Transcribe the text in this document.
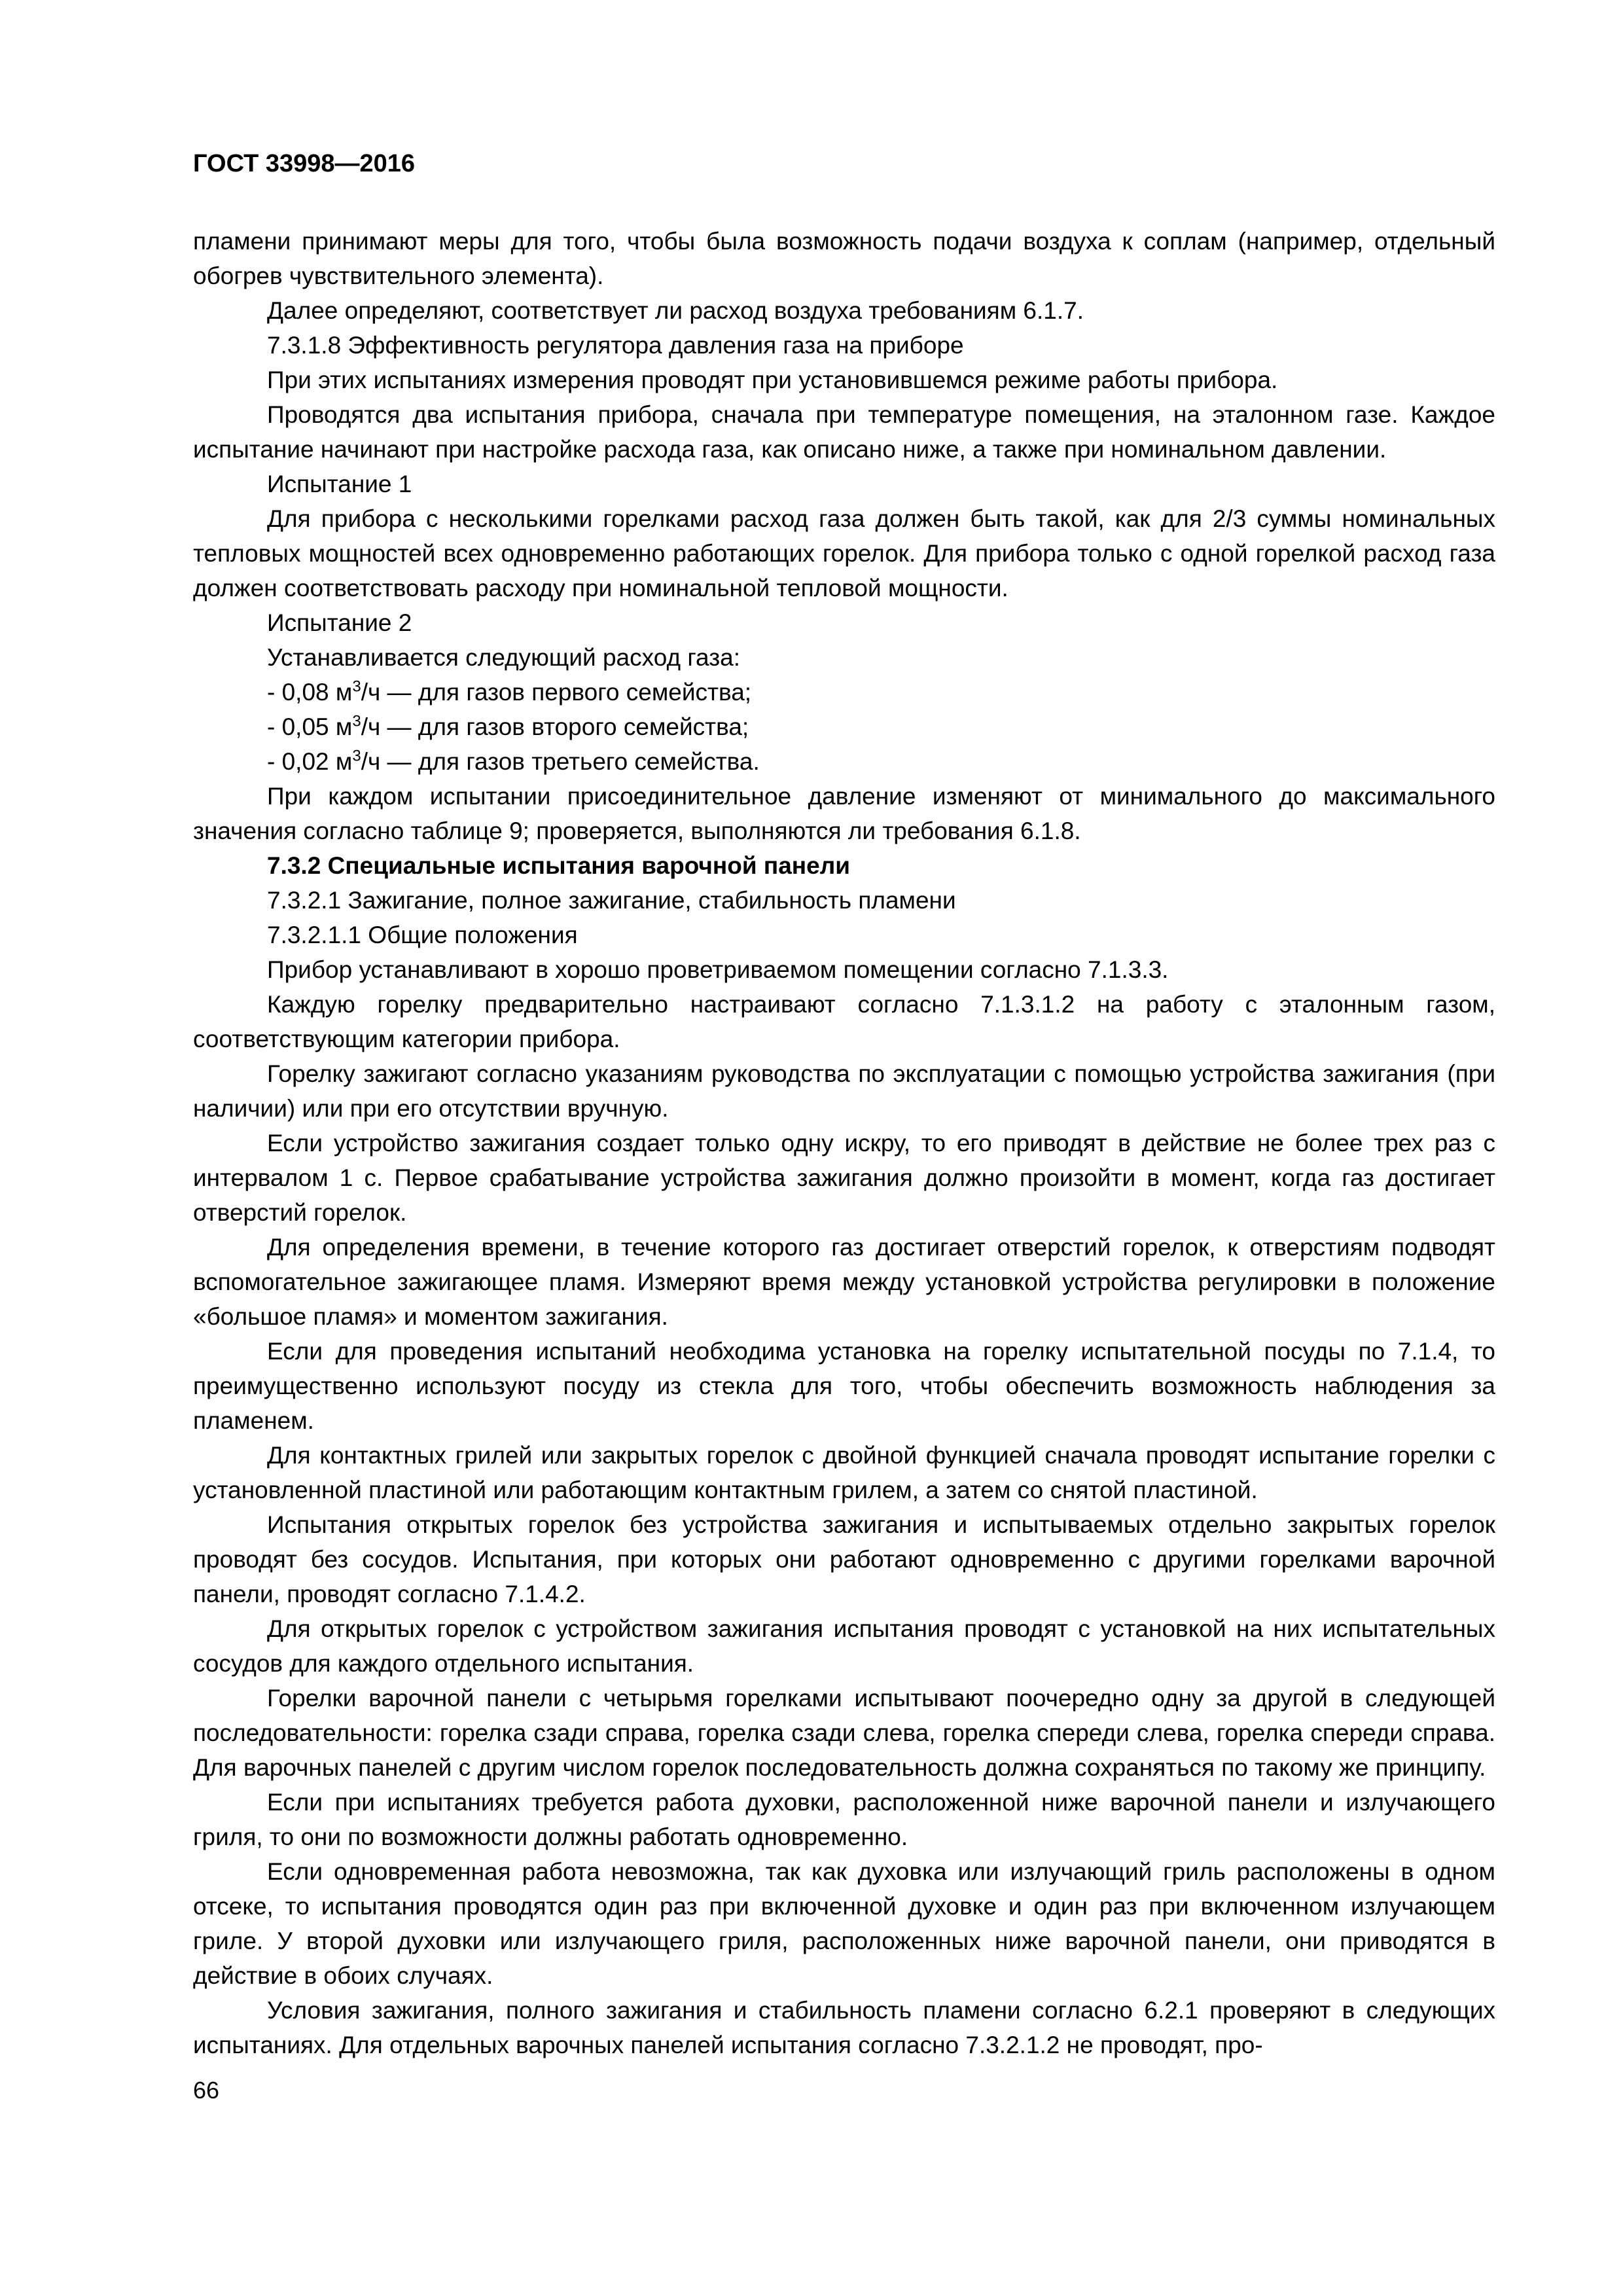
ГОСТ 33998—2016

пламени принимают меры для того, чтобы была возможность подачи воздуха к соплам (например, отдельный обогрев чувствительного элемента).

Далее определяют, соответствует ли расход воздуха требованиям 6.1.7.

7.3.1.8 Эффективность регулятора давления газа на приборе

При этих испытаниях измерения проводят при установившемся режиме работы прибора.

Проводятся два испытания прибора, сначала при температуре помещения, на эталонном газе. Каждое испытание начинают при настройке расхода газа, как описано ниже, а также при номинальном давлении.

Испытание 1

Для прибора с несколькими горелками расход газа должен быть такой, как для 2/3 суммы номинальных тепловых мощностей всех одновременно работающих горелок. Для прибора только с одной горелкой расход газа должен соответствовать расходу при номинальной тепловой мощности.

Испытание 2

Устанавливается следующий расход газа:

- 0,08 $м^3/ч$ — для газов первого семейства;

- 0,05 $м^3/ч$ — для газов второго семейства;

- 0,02 $м^3/ч$ — для газов третьего семейства.

При каждом испытании присоединительное давление изменяют от минимального до максимального значения согласно таблице 9; проверяется, выполняются ли требования 6.1.8.

7.3.2 Специальные испытания варочной панели

7.3.2.1 Зажигание, полное зажигание, стабильность пламени

7.3.2.1.1 Общие положения

Прибор устанавливают в хорошо проветриваемом помещении согласно 7.1.3.3.

Каждую горелку предварительно настраивают согласно 7.1.3.1.2 на работу с эталонным газом, соответствующим категории прибора.

Горелку зажигают согласно указаниям руководства по эксплуатации с помощью устройства зажигания (при наличии) или при его отсутствии вручную.

Если устройство зажигания создает только одну искру, то его приводят в действие не более трех раз с интервалом 1 с. Первое срабатывание устройства зажигания должно произойти в момент, когда газ достигает отверстий горелок.

Для определения времени, в течение которого газ достигает отверстий горелок, к отверстиям подводят вспомогательное зажигающее пламя. Измеряют время между установкой устройства регулировки в положение «большое пламя» и моментом зажигания.

Если для проведения испытаний необходима установка на горелку испытательной посуды по 7.1.4, то преимущественно используют посуду из стекла для того, чтобы обеспечить возможность наблюдения за пламенем.

Для контактных грилей или закрытых горелок с двойной функцией сначала проводят испытание горелки с установленной пластиной или работающим контактным грилем, а затем со снятой пластиной.

Испытания открытых горелок без устройства зажигания и испытываемых отдельно закрытых горелок проводят без сосудов. Испытания, при которых они работают одновременно с другими горелками варочной панели, проводят согласно 7.1.4.2.

Для открытых горелок с устройством зажигания испытания проводят с установкой на них испытательных сосудов для каждого отдельного испытания.

Горелки варочной панели с четырьмя горелками испытывают поочередно одну за другой в следующей последовательности: горелка сзади справа, горелка сзади слева, горелка спереди слева, горелка спереди справа. Для варочных панелей с другим числом горелок последовательность должна сохраняться по такому же принципу.

Если при испытаниях требуется работа духовки, расположенной ниже варочной панели и излучающего гриля, то они по возможности должны работать одновременно.

Если одновременная работа невозможна, так как духовка или излучающий гриль расположены в одном отсеке, то испытания проводятся один раз при включенной духовке и один раз при включенном излучающем гриле. У второй духовки или излучающего гриля, расположенных ниже варочной панели, они приводятся в действие в обоих случаях.

Условия зажигания, полного зажигания и стабильность пламени согласно 6.2.1 проверяют в следующих испытаниях. Для отдельных варочных панелей испытания согласно 7.3.2.1.2 не проводят, про-

66
